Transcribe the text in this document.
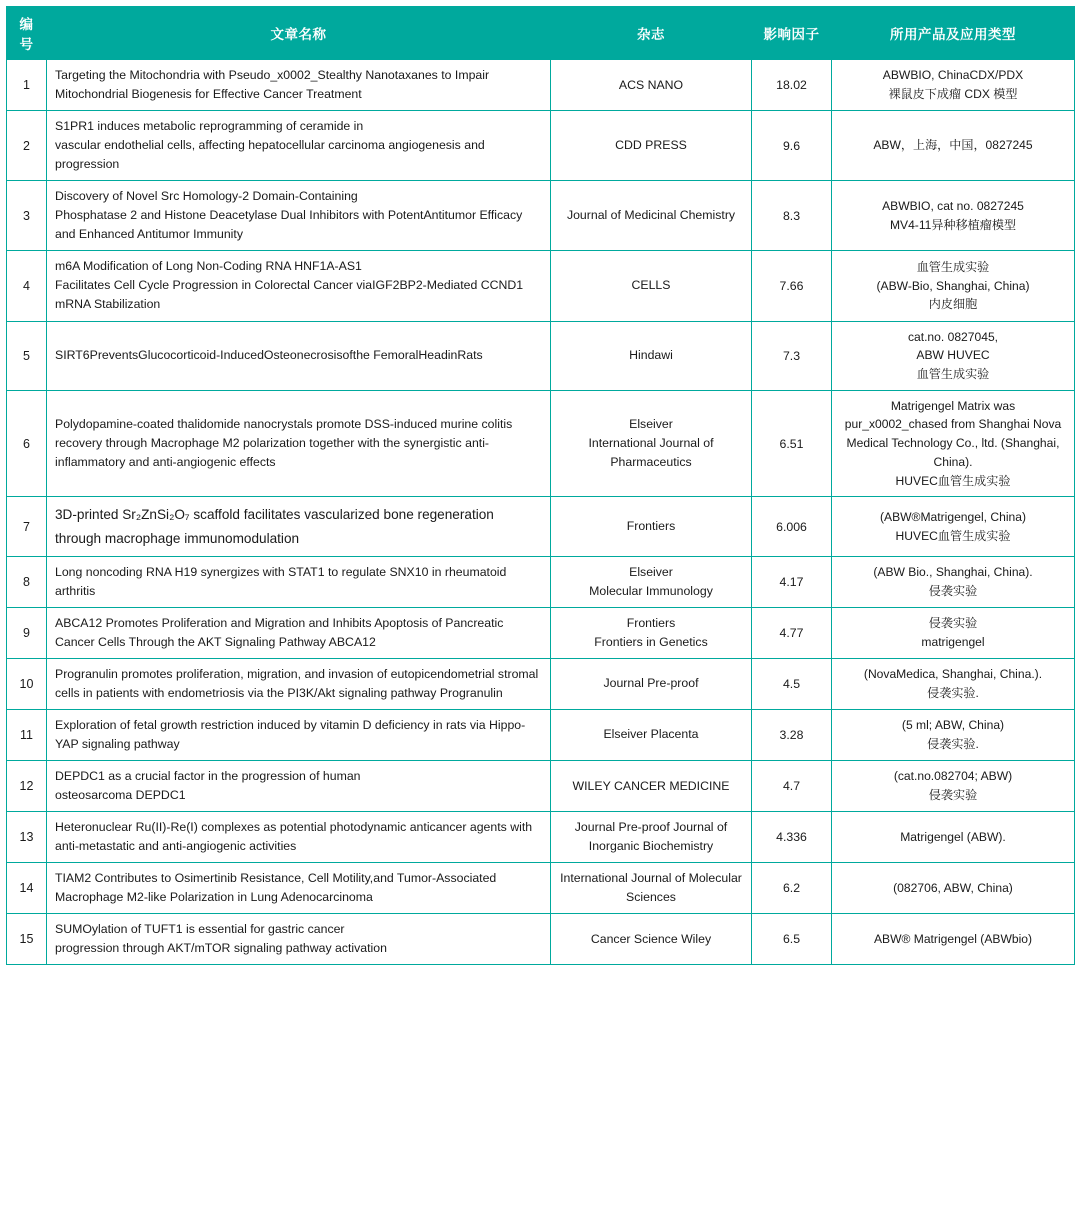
编号	文章名称	杂志	影响因子	所用产品及应用类型
1	Targeting the Mitochondria with Pseudo_x0002_Stealthy Nanotaxanes to Impair Mitochondrial Biogenesis for Effective Cancer Treatment	ACS NANO	18.02	ABWBIO, ChinaCDX/PDX
裸鼠皮下成瘤 CDX 模型
2	S1PR1 induces metabolic reprogramming of ceramide in
vascular endothelial cells, affecting hepatocellular carcinoma angiogenesis and progression	CDD PRESS	9.6	ABW，上海，中国，0827245
3	Discovery of Novel Src Homology-2 Domain-Containing
Phosphatase 2 and Histone Deacetylase Dual Inhibitors with PotentAntitumor Efficacy and Enhanced Antitumor Immunity	Journal of Medicinal Chemistry	8.3	ABWBIO, cat no. 0827245
MV4-11异种移植瘤模型
4	m6A Modification of Long Non-Coding RNA HNF1A-AS1
Facilitates Cell Cycle Progression in Colorectal Cancer viaIGF2BP2-Mediated CCND1 mRNA Stabilization	CELLS	7.66	血管生成实验
(ABW-Bio, Shanghai, China)
内皮细胞
5	SIRT6PreventsGlucocorticoid-InducedOsteonecrosisofthe FemoralHeadinRats	Hindawi	7.3	cat.no. 0827045,
ABW HUVEC
血管生成实验
6	Polydopamine-coated thalidomide nanocrystals promote DSS-induced murine colitis recovery through Macrophage M2 polarization together with the synergistic anti-inflammatory and anti-angiogenic effects	Elseiver
International Journal of Pharmaceutics	6.51	Matrigengel Matrix was pur_x0002_chased from Shanghai Nova Medical Technology Co., ltd. (Shanghai, China).
HUVEC血管生成实验
7	3D-printed Sr₂ZnSi₂O₇ scaffold facilitates vascularized bone regeneration through macrophage immunomodulation	Frontiers	6.006	(ABW®Matrigengel, China)
HUVEC血管生成实验
8	Long noncoding RNA H19 synergizes with STAT1 to regulate SNX10 in rheumatoid arthritis	Elseiver
Molecular Immunology	4.17	(ABW Bio., Shanghai, China).
侵袭实验
9	ABCA12 Promotes Proliferation and Migration and Inhibits Apoptosis of Pancreatic Cancer Cells Through the AKT Signaling Pathway ABCA12	Frontiers
Frontiers in Genetics	4.77	侵袭实验
matrigengel
10	Progranulin promotes proliferation, migration, and invasion of eutopicendometrial stromal cells in patients with endometriosis via the PI3K/Akt signaling pathway Progranulin	Journal Pre-proof	4.5	(NovaMedica, Shanghai, China.).
侵袭实验.
11	Exploration of fetal growth restriction induced by vitamin D deficiency in rats via Hippo-YAP signaling pathway	Elseiver Placenta	3.28	(5 ml; ABW, China)
侵袭实验.
12	DEPDC1 as a crucial factor in the progression of human
osteosarcoma DEPDC1	WILEY CANCER MEDICINE	4.7	(cat.no.082704; ABW)
侵袭实验
13	Heteronuclear Ru(II)-Re(I) complexes as potential photodynamic anticancer agents with anti-metastatic and anti-angiogenic activities	Journal Pre-proof Journal of Inorganic Biochemistry	4.336	Matrigengel (ABW).
14	TIAM2 Contributes to Osimertinib Resistance, Cell Motility,and Tumor-Associated Macrophage M2-like Polarization in Lung Adenocarcinoma	International Journal of Molecular Sciences	6.2	(082706, ABW, China)
15	SUMOylation of TUFT1 is essential for gastric cancer
progression through AKT/mTOR signaling pathway activation	Cancer Science Wiley	6.5	ABW® Matrigengel (ABWbio)
